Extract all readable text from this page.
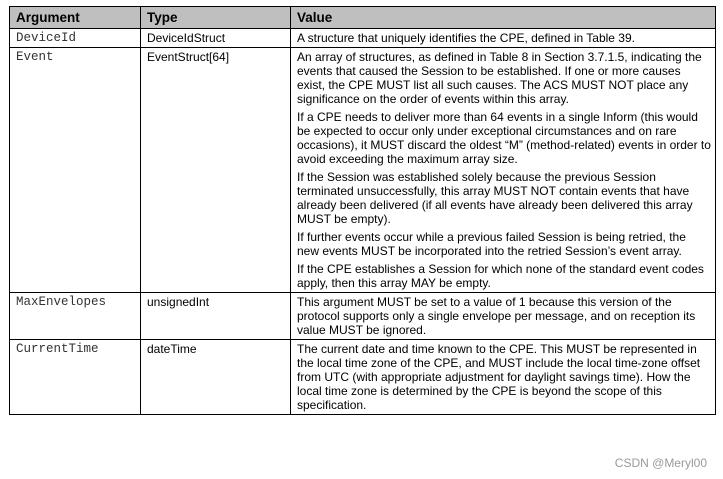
Argument	Type	Value
DeviceId	DeviceIdStruct	A structure that uniquely identifies the CPE, defined in Table 39.

Event	EventStruct[64]	An array of structures, as defined in Table 8 in Section 3.7.1.5, indicating the events that caused the Session to be established. If one or more causes exist, the CPE MUST list all such causes. The ACS MUST NOT place any significance on the order of events within this array.

If a CPE needs to deliver more than 64 events in a single Inform (this would be expected to occur only under exceptional circumstances and on rare occasions), it MUST discard the oldest “M” (method-related) events in order to avoid exceeding the maximum array size.

If the Session was established solely because the previous Session terminated unsuccessfully, this array MUST NOT contain events that have already been delivered (if all events have already been delivered this array MUST be empty).

If further events occur while a previous failed Session is being retried, the new events MUST be incorporated into the retried Session’s event array.

If the CPE establishes a Session for which none of the standard event codes apply, then this array MAY be empty.

MaxEnvelopes	unsignedInt	This argument MUST be set to a value of 1 because this version of the protocol supports only a single envelope per message, and on reception its value MUST be ignored.

CurrentTime	dateTime	The current date and time known to the CPE. This MUST be represented in the local time zone of the CPE, and MUST include the local time-zone offset from UTC (with appropriate adjustment for daylight savings time). How the local time zone is determined by the CPE is beyond the scope of this specification.

CSDN @Meryl00
